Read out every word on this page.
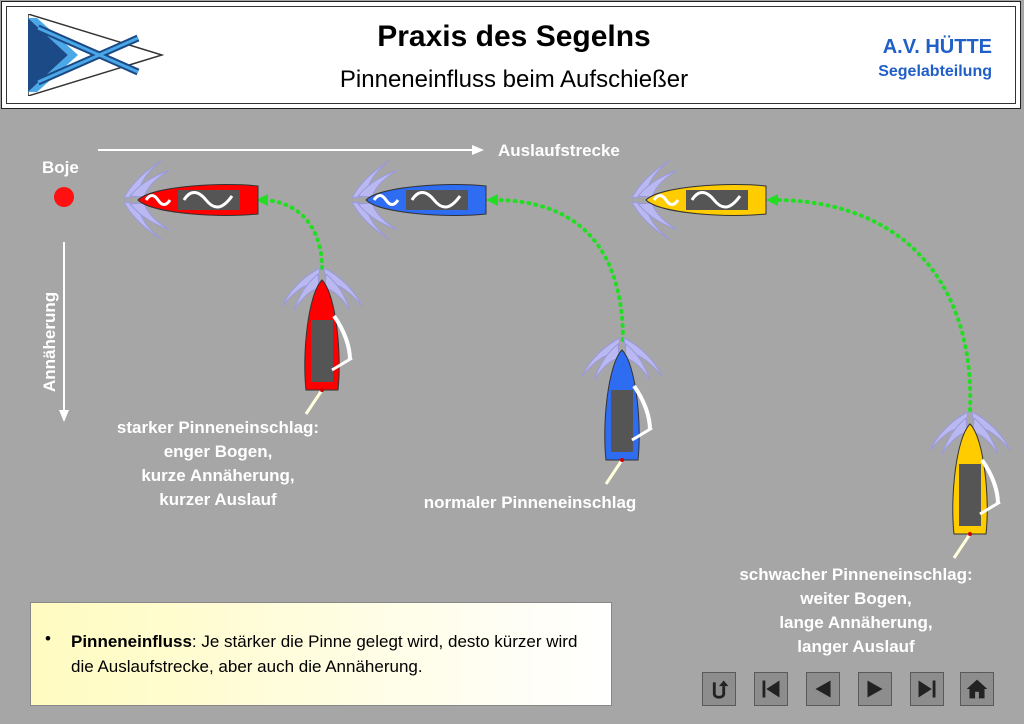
Praxis des Segelns
Pinneneinfluss beim Aufschießer
A.V. HÜTTE
Segelabteilung
Boje
Auslaufstrecke
Annäherung
starker Pinneneinschlag:
enger Bogen,
kurze Annäherung,
kurzer Auslauf	normaler Pinneneinschlag
schwacher Pinneneinschlag:
weiter Bogen,
lange Annäherung,
langer Auslauf
• Pinneneinfluss: Je stärker die Pinne gelegt wird, desto kürzer wird die Auslaufstrecke, aber auch die Annäherung.
